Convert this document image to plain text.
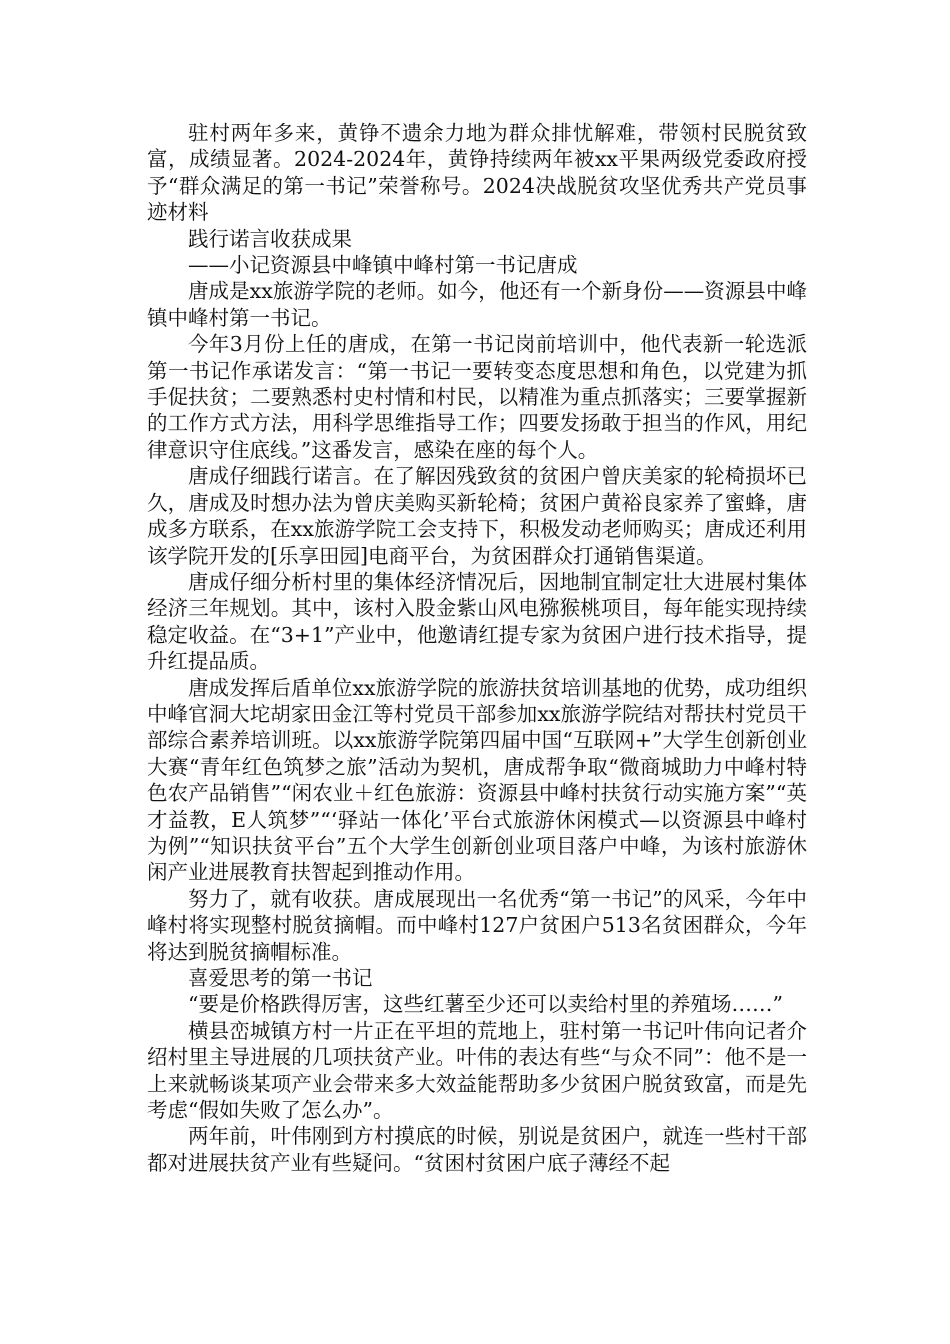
驻村两年多来，黄铮不遗余力地为群众排忧解难，带领村民脱贫致富，成绩显著。2024-2024年，黄铮持续两年被xx平果两级党委政府授予“群众满足的第一书记”荣誉称号。2024决战脱贫攻坚优秀共产党员事迹材料

践行诺言收获成果

——小记资源县中峰镇中峰村第一书记唐成

唐成是xx旅游学院的老师。如今，他还有一个新身份——资源县中峰镇中峰村第一书记。

今年3月份上任的唐成，在第一书记岗前培训中，他代表新一轮选派第一书记作承诺发言：“第一书记一要转变态度思想和角色，以党建为抓手促扶贫；二要熟悉村史村情和村民，以精准为重点抓落实；三要掌握新的工作方式方法，用科学思维指导工作；四要发扬敢于担当的作风，用纪律意识守住底线。”这番发言，感染在座的每个人。

唐成仔细践行诺言。在了解因残致贫的贫困户曾庆美家的轮椅损坏已久，唐成及时想办法为曾庆美购买新轮椅；贫困户黄裕良家养了蜜蜂，唐成多方联系，在xx旅游学院工会支持下，积极发动老师购买；唐成还利用该学院开发的[乐享田园]电商平台，为贫困群众打通销售渠道。

唐成仔细分析村里的集体经济情况后，因地制宜制定壮大进展村集体经济三年规划。其中，该村入股金紫山风电猕猴桃项目，每年能实现持续稳定收益。在“3+1”产业中，他邀请红提专家为贫困户进行技术指导，提升红提品质。

唐成发挥后盾单位xx旅游学院的旅游扶贫培训基地的优势，成功组织中峰官洞大坨胡家田金江等村党员干部参加xx旅游学院结对帮扶村党员干部综合素养培训班。以xx旅游学院第四届中国“互联网+”大学生创新创业大赛“青年红色筑梦之旅”活动为契机，唐成帮争取“微商城助力中峰村特色农产品销售”“闲农业＋红色旅游：资源县中峰村扶贫行动实施方案”“英才益教，E人筑梦”“‘驿站一体化’平台式旅游休闲模式—以资源县中峰村为例”“知识扶贫平台”五个大学生创新创业项目落户中峰，为该村旅游休闲产业进展教育扶智起到推动作用。

努力了，就有收获。唐成展现出一名优秀“第一书记”的风采，今年中峰村将实现整村脱贫摘帽。而中峰村127户贫困户513名贫困群众，今年将达到脱贫摘帽标准。

喜爱思考的第一书记

“要是价格跌得厉害，这些红薯至少还可以卖给村里的养殖场……”

横县峦城镇方村一片正在平坦的荒地上，驻村第一书记叶伟向记者介绍村里主导进展的几项扶贫产业。叶伟的表达有些“与众不同”：他不是一上来就畅谈某项产业会带来多大效益能帮助多少贫困户脱贫致富，而是先考虑“假如失败了怎么办”。

两年前，叶伟刚到方村摸底的时候，别说是贫困户，就连一些村干部都对进展扶贫产业有些疑问。“贫困村贫困户底子薄经不起
